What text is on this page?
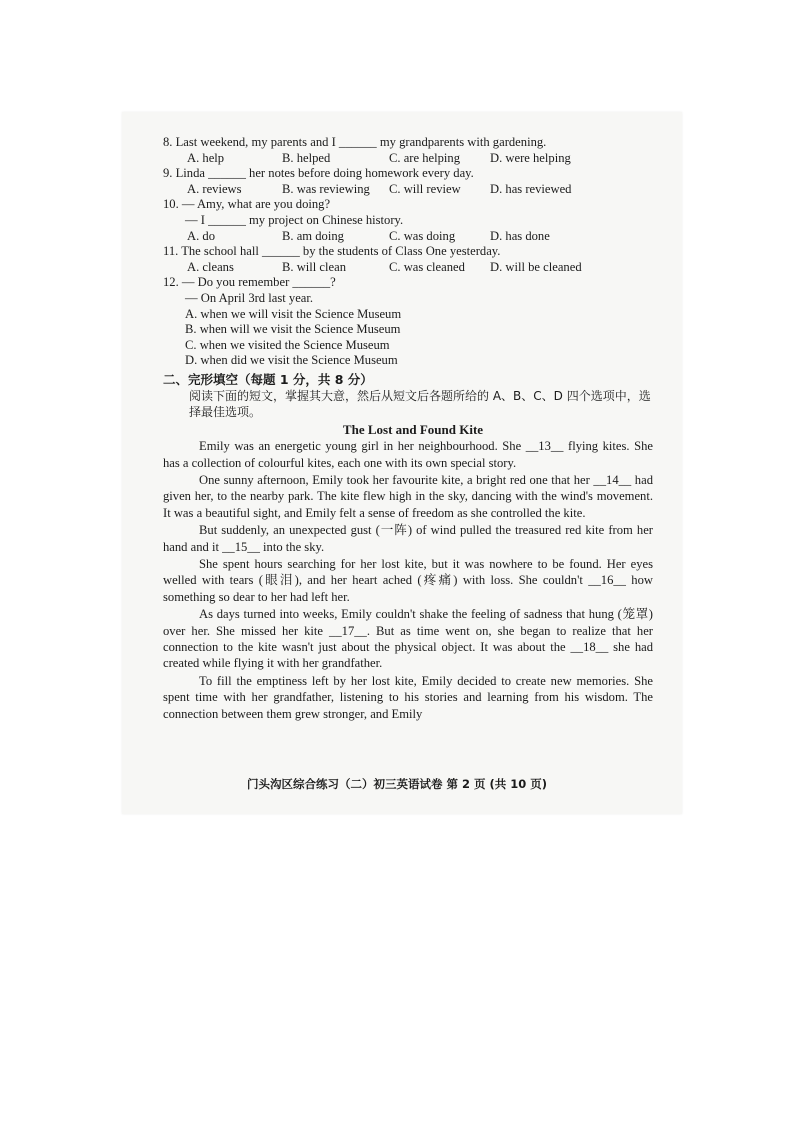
8. Last weekend, my parents and I ______ my grandparents with gardening.
A. help	B. helped	C. are helping	D. were helping
9. Linda ______ her notes before doing homework every day.
A. reviews	B. was reviewing	C. will review	D. has reviewed
10. — Amy, what are you doing?
— I ______ my project on Chinese history.
A. do	B. am doing	C. was doing	D. has done
11. The school hall ______ by the students of Class One yesterday.
A. cleans	B. will clean	C. was cleaned	D. will be cleaned
12. — Do you remember ______?
— On April 3rd last year.
A. when we will visit the Science Museum
B. when will we visit the Science Museum
C. when we visited the Science Museum
D. when did we visit the Science Museum
二、完形填空（每题 1 分，共 8 分）
阅读下面的短文，掌握其大意，然后从短文后各题所给的 A、B、C、D 四个选项中，选择最佳选项。
The Lost and Found Kite
Emily was an energetic young girl in her neighbourhood. She __13__ flying kites. She has a collection of colourful kites, each one with its own special story.
One sunny afternoon, Emily took her favourite kite, a bright red one that her __14__ had given her, to the nearby park. The kite flew high in the sky, dancing with the wind's movement. It was a beautiful sight, and Emily felt a sense of freedom as she controlled the kite.
But suddenly, an unexpected gust (一阵) of wind pulled the treasured red kite from her hand and it __15__ into the sky.
She spent hours searching for her lost kite, but it was nowhere to be found. Her eyes welled with tears (眼泪), and her heart ached (疼痛) with loss. She couldn't __16__ how something so dear to her had left her.
As days turned into weeks, Emily couldn't shake the feeling of sadness that hung (笼罩) over her. She missed her kite __17__. But as time went on, she began to realize that her connection to the kite wasn't just about the physical object. It was about the __18__ she had created while flying it with her grandfather.
To fill the emptiness left by her lost kite, Emily decided to create new memories. She spent time with her grandfather, listening to his stories and learning from his wisdom. The connection between them grew stronger, and Emily
门头沟区综合练习（二）初三英语试卷 第 2 页 (共 10 页)
